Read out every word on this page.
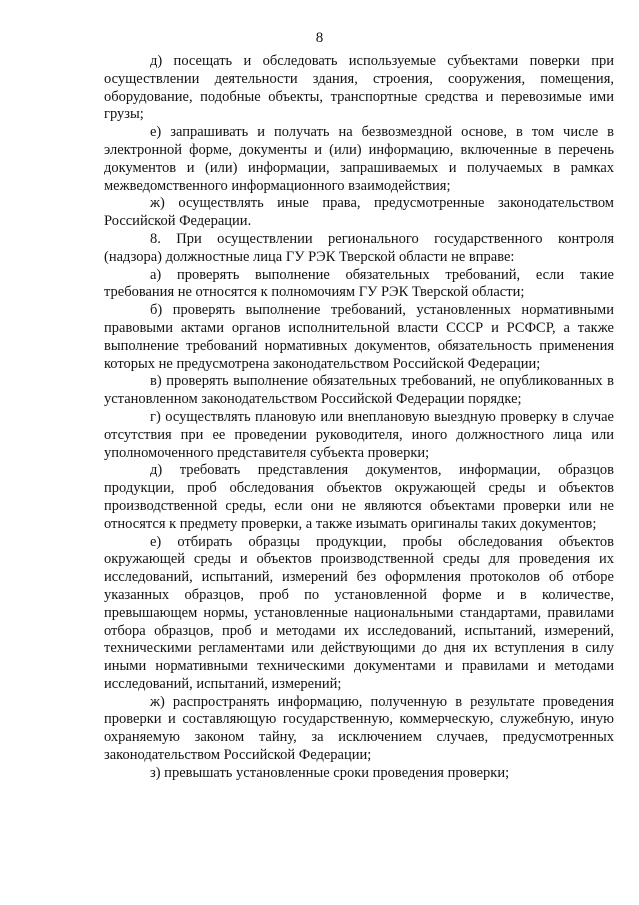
8

д) посещать и обследовать используемые субъектами поверки при осуществлении деятельности здания, строения, сооружения, помещения, оборудование, подобные объекты, транспортные средства и перевозимые ими грузы;

е) запрашивать и получать на безвозмездной основе, в том числе в электронной форме, документы и (или) информацию, включенные в перечень документов и (или) информации, запрашиваемых и получаемых в рамках межведомственного информационного взаимодействия;

ж) осуществлять иные права, предусмотренные законодательством Российской Федерации.

8. При осуществлении регионального государственного контроля (надзора) должностные лица ГУ РЭК Тверской области не вправе:

а) проверять выполнение обязательных требований, если такие требования не относятся к полномочиям ГУ РЭК Тверской области;

б) проверять выполнение требований, установленных нормативными правовыми актами органов исполнительной власти СССР и РСФСР, а также выполнение требований нормативных документов, обязательность применения которых не предусмотрена законодательством Российской Федерации;

в) проверять выполнение обязательных требований, не опубликованных в установленном законодательством Российской Федерации порядке;

г) осуществлять плановую или внеплановую выездную проверку в случае отсутствия при ее проведении руководителя, иного должностного лица или уполномоченного представителя субъекта проверки;

д) требовать представления документов, информации, образцов продукции, проб обследования объектов окружающей среды и объектов производственной среды, если они не являются объектами проверки или не относятся к предмету проверки, а также изымать оригиналы таких документов;

е) отбирать образцы продукции, пробы обследования объектов окружающей среды и объектов производственной среды для проведения их исследований, испытаний, измерений без оформления протоколов об отборе указанных образцов, проб по установленной форме и в количестве, превышающем нормы, установленные национальными стандартами, правилами отбора образцов, проб и методами их исследований, испытаний, измерений, техническими регламентами или действующими до дня их вступления в силу иными нормативными техническими документами и правилами и методами исследований, испытаний, измерений;

ж) распространять информацию, полученную в результате проведения проверки и составляющую государственную, коммерческую, служебную, иную охраняемую законом тайну, за исключением случаев, предусмотренных законодательством Российской Федерации;

з) превышать установленные сроки проведения проверки;
